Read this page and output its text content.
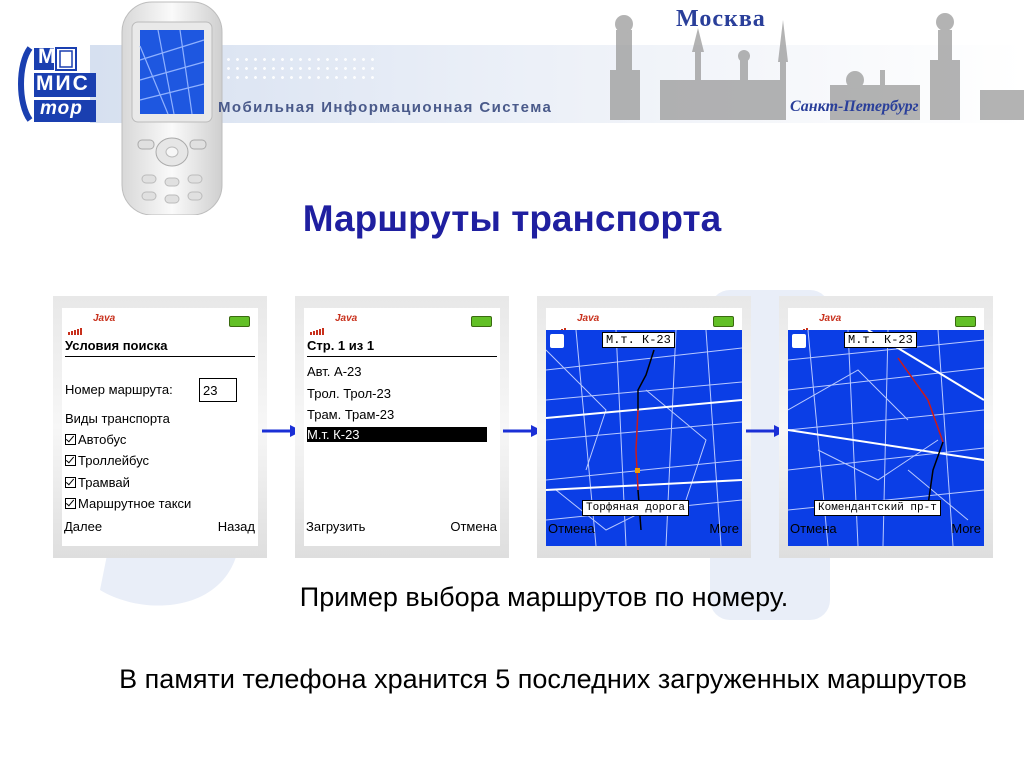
М
МИС
тор	Мобильная Информационная Система
Москва
Санкт-Петербург
Маршруты транспорта
Java
Условия поиска
Номер маршрута:	23
Виды транспорта
Автобус
Троллейбус
Трамвай
Маршрутное такси
Далее	Назад
Java
Стр. 1 из 1
Авт. А-23
Трол. Трол-23
Трам. Трам-23
М.т. К-23
Загрузить	Отмена
Java
М.т. К-23
Торфяная дорога
Отмена	More
Java
М.т. К-23
Комендантский пр-т
Отмена	More
Пример выбора маршрутов по номеру.
В памяти телефона хранится 5 последних загруженных маршрутов
